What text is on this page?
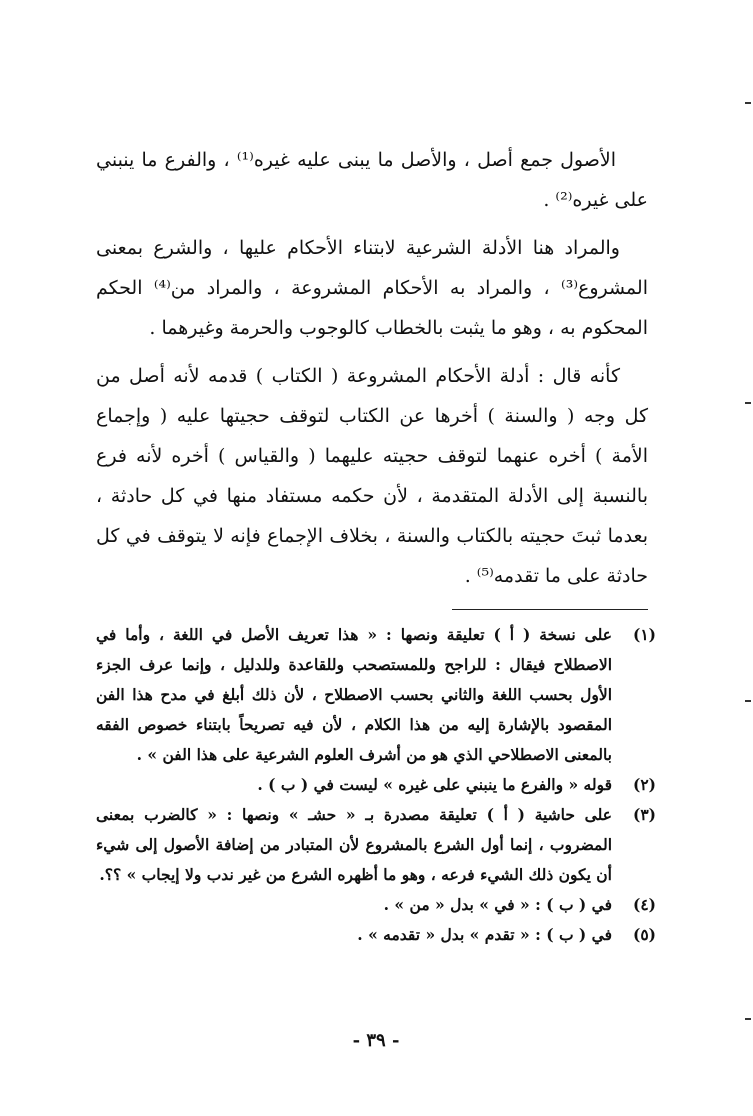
الأصول جمع أصل ، والأصل ما يبنى عليه غيره⁽¹⁾ ، والفرع ما ينبني على غيره⁽²⁾ .

والمراد هنا الأدلة الشرعية لابتناء الأحكام عليها ، والشرع بمعنى المشروع⁽³⁾ ، والمراد به الأحكام المشروعة ، والمراد من⁽⁴⁾ الحكم المحكوم به ، وهو ما يثبت بالخطاب كالوجوب والحرمة وغيرهما .

كأنه قال : أدلة الأحكام المشروعة ( الكتاب ) قدمه لأنه أصل من كل وجه ( والسنة ) أخرها عن الكتاب لتوقف حجيتها عليه ( وإجماع الأمة ) أخره عنهما لتوقف حجيته عليهما ( والقياس ) أخره لأنه فرع بالنسبة إلى الأدلة المتقدمة ، لأن حكمه مستفاد منها في كل حادثة ، بعدما ثبتَ حجيته بالكتاب والسنة ، بخلاف الإجماع فإنه لا يتوقف في كل حادثة على ما تقدمه⁽⁵⁾ .

(١)
على نسخة ( أ ) تعليقة ونصها : « هذا تعريف الأصل في اللغة ، وأما في الاصطلاح فيقال : للراجح وللمستصحب وللقاعدة وللدليل ، وإنما عرف الجزء الأول بحسب اللغة والثاني بحسب الاصطلاح ، لأن ذلك أبلغ في مدح هذا الفن المقصود بالإشارة إليه من هذا الكلام ، لأن فيه تصريحاً بابتناء خصوص الفقه بالمعنى الاصطلاحي الذي هو من أشرف العلوم الشرعية على هذا الفن » .
(٢)
قوله « والفرع ما ينبني على غيره » ليست في ( ب ) .
(٣)
على حاشية ( أ ) تعليقة مصدرة بـ « حشـ » ونصها : « كالضرب بمعنى المضروب ، إنما أول الشرع بالمشروع لأن المتبادر من إضافة الأصول إلى شيء أن يكون ذلك الشيء فرعه ، وهو ما أظهره الشرع من غير ندب ولا إيجاب » ؟؟.
(٤)
في ( ب ) : « في » بدل « من » .
(٥)
في ( ب ) : « تقدم » بدل « تقدمه » .
- ٣٩ -
